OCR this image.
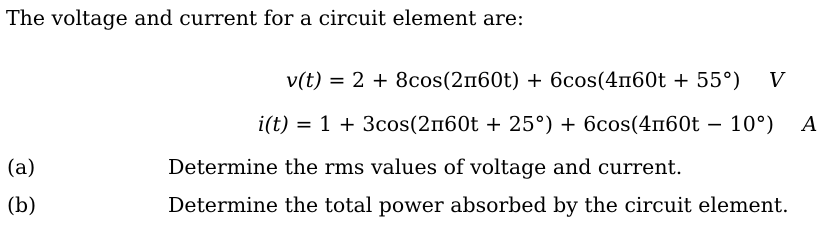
The voltage and current for a circuit element are:
v(t) = 2 + 8cos(2π60t) + 6cos(4π60t + 55°) V
i(t) = 1 + 3cos(2π60t + 25°) + 6cos(4π60t − 10°) A
(a)	Determine the rms values of voltage and current.
(b)	Determine the total power absorbed by the circuit element.
